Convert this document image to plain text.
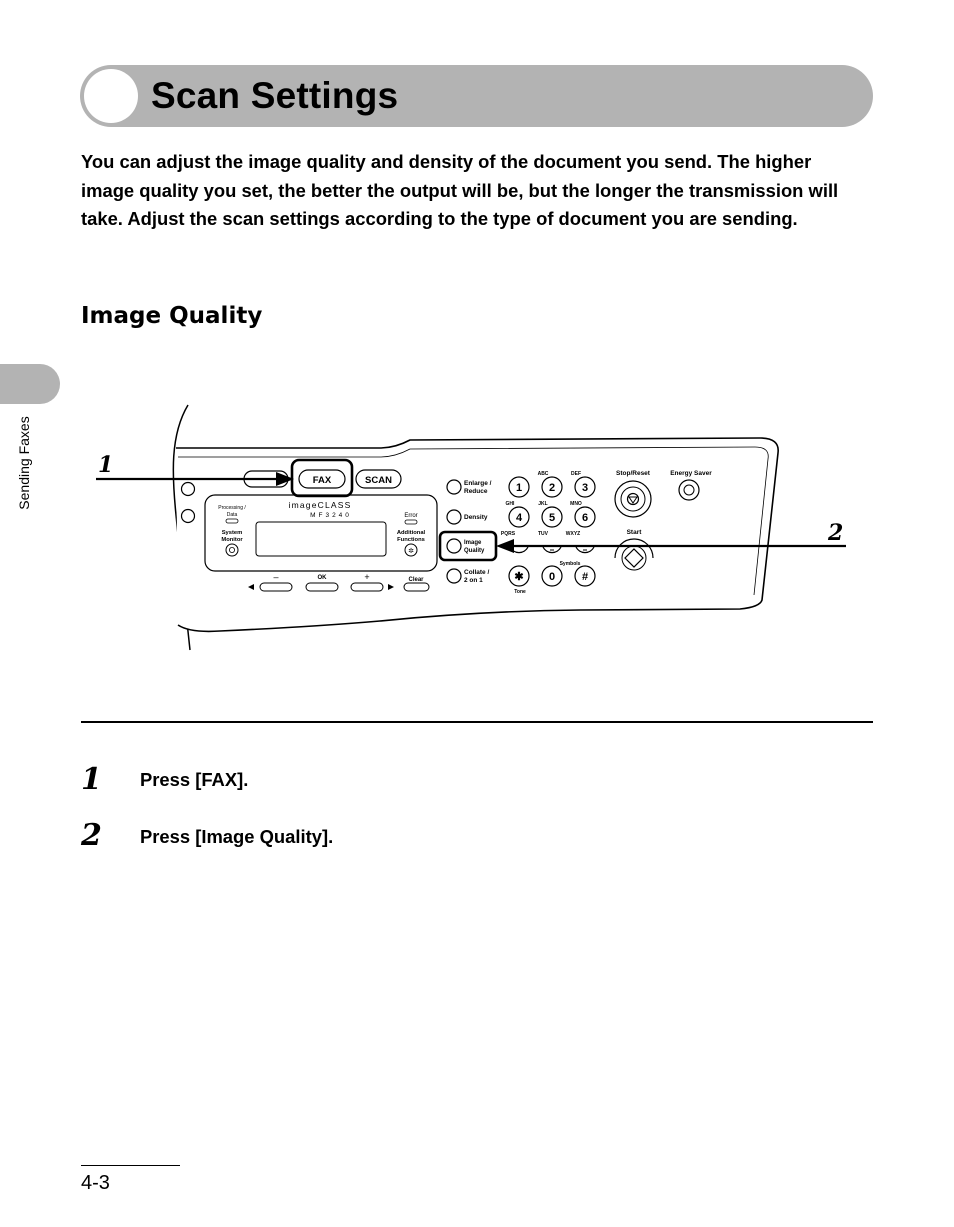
Scan Settings

You can adjust the image quality and density of the document you send. The higher image quality you set, the better the output will be, but the longer the transmission will take. Adjust the scan settings according to the type of document you are sending.

Image Quality
Sending Faxes	FAX	SCAN
Processing /
Data
imageCLASS
MF3240	Error
System
Monitor
Additional
Functions
✲
–	OK	+	Clear
Enlarge /
Reduce
Density
Image
Quality
Collate /
2 on 1
ABC	DEF
1 2 3
GHI	JKL	MNO
4 5 6
PQRS	TUV	WXYZ
Symbols
✱ 0 #
Tone
Stop/Reset	Energy Saver
Start
1
2
1 Press [FAX].
2 Press [Image Quality].
4-3
